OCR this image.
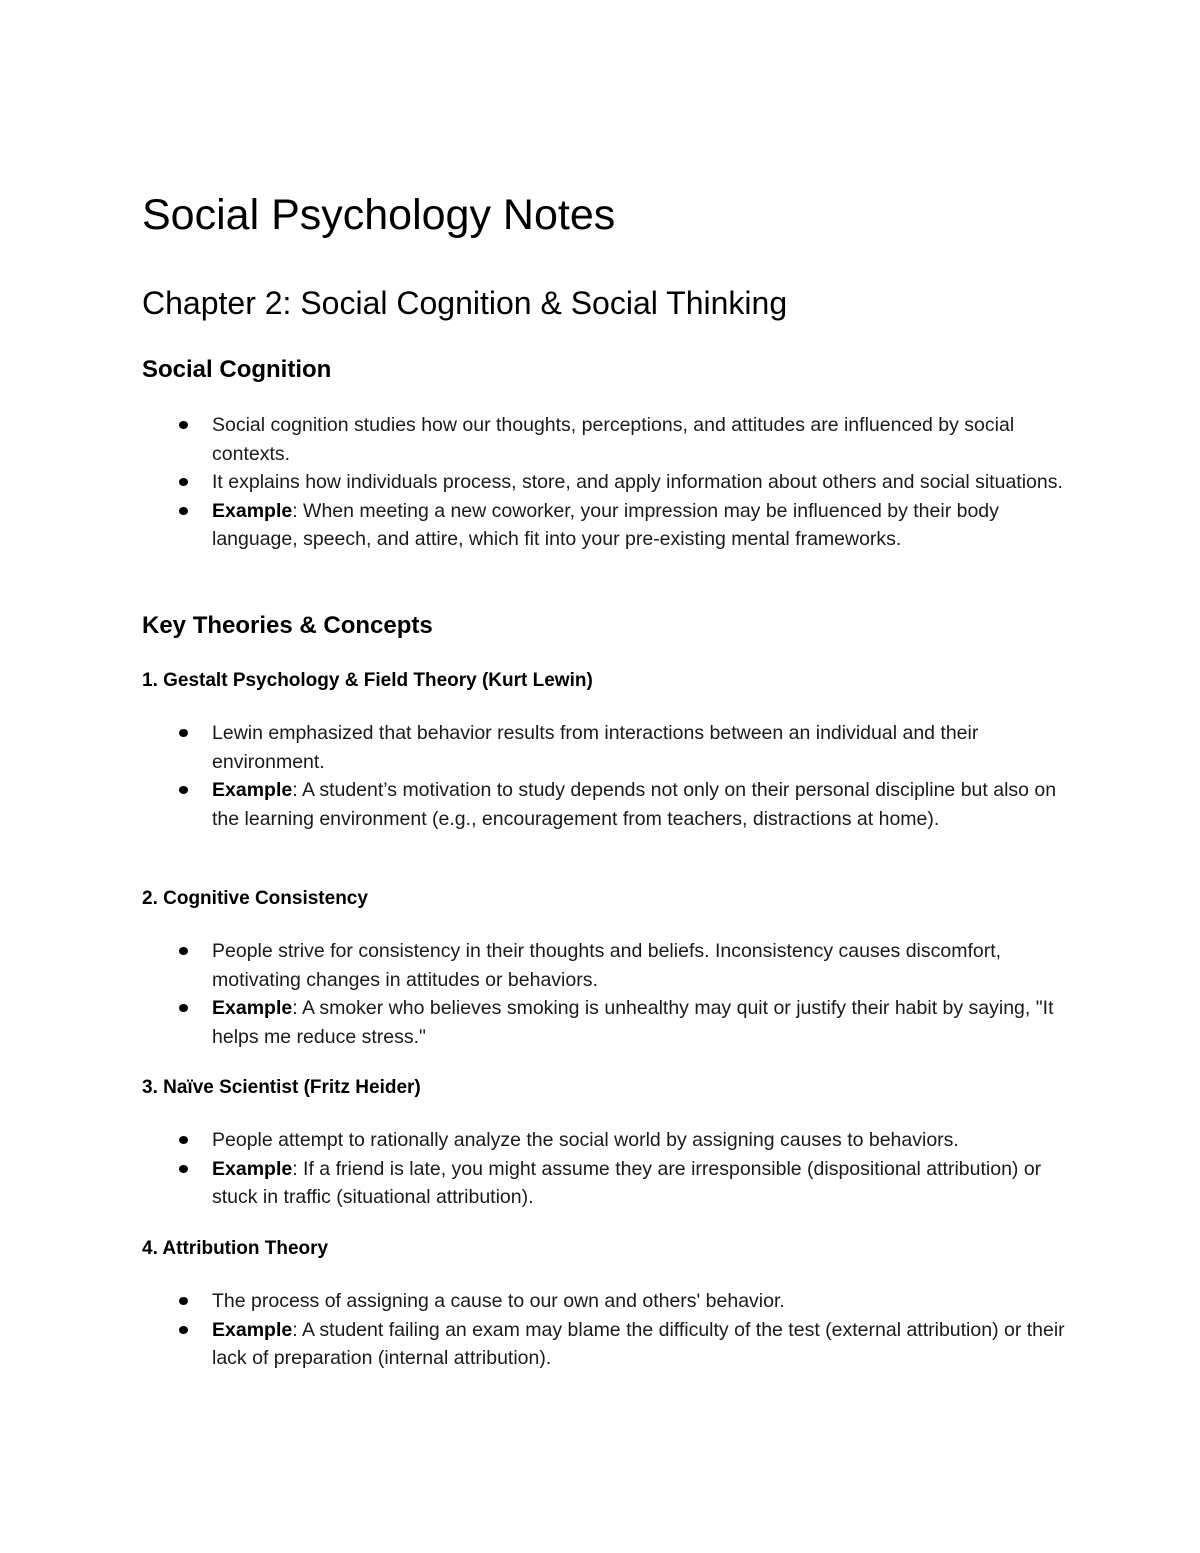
Social Psychology Notes
Chapter 2: Social Cognition & Social Thinking
Social Cognition
Social cognition studies how our thoughts, perceptions, and attitudes are influenced by social contexts.
It explains how individuals process, store, and apply information about others and social situations.
Example: When meeting a new coworker, your impression may be influenced by their body language, speech, and attire, which fit into your pre-existing mental frameworks.
Key Theories & Concepts
1. Gestalt Psychology & Field Theory (Kurt Lewin)
Lewin emphasized that behavior results from interactions between an individual and their environment.
Example: A student’s motivation to study depends not only on their personal discipline but also on the learning environment (e.g., encouragement from teachers, distractions at home).
2. Cognitive Consistency
People strive for consistency in their thoughts and beliefs. Inconsistency causes discomfort, motivating changes in attitudes or behaviors.
Example: A smoker who believes smoking is unhealthy may quit or justify their habit by saying, "It helps me reduce stress."
3. Naïve Scientist (Fritz Heider)
People attempt to rationally analyze the social world by assigning causes to behaviors.
Example: If a friend is late, you might assume they are irresponsible (dispositional attribution) or stuck in traffic (situational attribution).
4. Attribution Theory
The process of assigning a cause to our own and others' behavior.
Example: A student failing an exam may blame the difficulty of the test (external attribution) or their lack of preparation (internal attribution).
